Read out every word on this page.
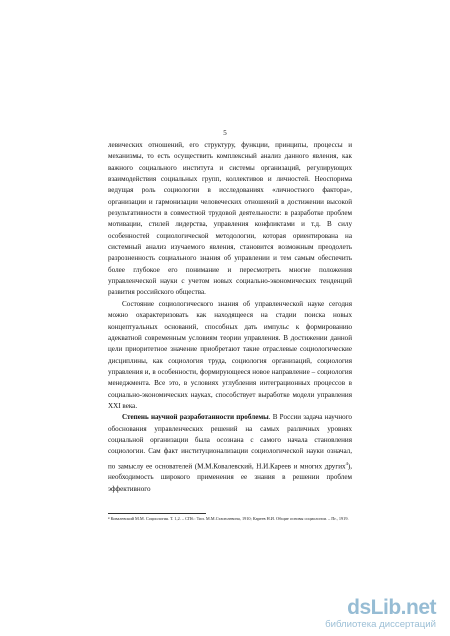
5

левических отношений, его структуру, функции, принципы, процессы и механизмы, то есть осуществить комплексный анализ данного явления, как важного социального института и системы организаций, регулирующих взаимодействия социальных групп, коллективов и личностей. Неоспорима ведущая роль социологии в исследованиях «личностного фактора», организации и гармонизации человеческих отношений в достижении высокой результативности в совместной трудовой деятельности: в разработке проблем мотивации, стилей лидерства, управления конфликтами и т.д. В силу особенностей социологической методологии, которая ориентирована на системный анализ изучаемого явления, становится возможным преодолеть разрозненность социального знания об управлении и тем самым обеспечить более глубокое его понимание и пересмотреть многие положения управленческой науки с учетом новых социально-экономических тенденций развития российского общества.

Состояние социологического знания об управленческой науке сегодня можно охарактеризовать как находящееся на стадии поиска новых концептуальных оснований, способных дать импульс к формированию адекватной современным условиям теории управления. В достижении данной цели приоритетное значение приобретают такие отраслевые социологические дисциплины, как социология труда, социология организаций, социология управления и, в особенности, формирующееся новое направление – социология менеджмента. Все это, в условиях углубления интеграционных процессов в социально-экономических науках, способствует выработке модели управления XXI века.

Степень научной разработанности проблемы. В России задача научного обоснования управленческих решений на самых различных уровнях социальной организации была осознана с самого начала становления социологии. Сам факт институционализации социологической науки означал, по замыслу ее основателей (М.М.Ковалевский, Н.И.Кареев и многих других$^4$), необходимость широкого применения ее знания в решении проблем эффективного

⁴ Ковалевский М.М. Социология. Т. 1,2. – СПб.: Тип. М.М.Стасюлевича, 1910; Кареев Н.И. Общие основы социологии. – Пг., 1919.
dsLib.net
библиотека диссертаций
